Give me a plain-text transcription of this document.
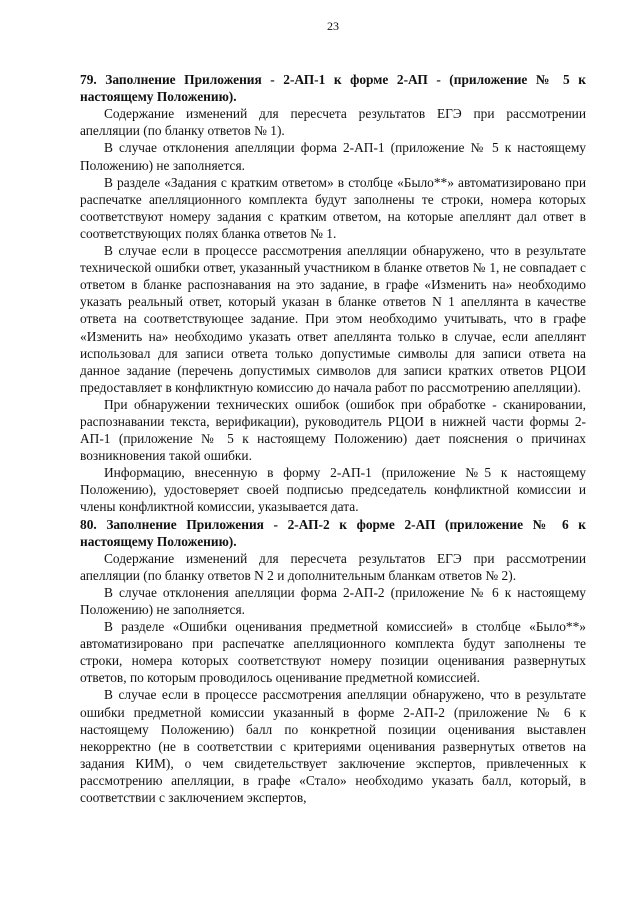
23

79. Заполнение Приложения - 2-АП-1 к форме 2-АП - (приложение № 5 к настоящему Положению).

Содержание изменений для пересчета результатов ЕГЭ при рассмотрении апелляции (по бланку ответов № 1).

В случае отклонения апелляции форма 2-АП-1 (приложение № 5 к настоящему Положению) не заполняется.

В разделе «Задания с кратким ответом» в столбце «Было**» автоматизировано при распечатке апелляционного комплекта будут заполнены те строки, номера которых соответствуют номеру задания с кратким ответом, на которые апеллянт дал ответ в соответствующих полях бланка ответов № 1.

В случае если в процессе рассмотрения апелляции обнаружено, что в результате технической ошибки ответ, указанный участником в бланке ответов № 1, не совпадает с ответом в бланке распознавания на это задание, в графе «Изменить на» необходимо указать реальный ответ, который указан в бланке ответов N 1 апеллянта в качестве ответа на соответствующее задание. При этом необходимо учитывать, что в графе «Изменить на» необходимо указать ответ апеллянта только в случае, если апеллянт использовал для записи ответа только допустимые символы для записи ответа на данное задание (перечень допустимых символов для записи кратких ответов РЦОИ предоставляет в конфликтную комиссию до начала работ по рассмотрению апелляции).

При обнаружении технических ошибок (ошибок при обработке - сканировании, распознавании текста, верификации), руководитель РЦОИ в нижней части формы 2-АП-1 (приложение № 5 к настоящему Положению) дает пояснения о причинах возникновения такой ошибки.

Информацию, внесенную в форму 2-АП-1 (приложение №5 к настоящему Положению), удостоверяет своей подписью председатель конфликтной комиссии и члены конфликтной комиссии, указывается дата.

80. Заполнение Приложения - 2-АП-2 к форме 2-АП (приложение № 6 к настоящему Положению).

Содержание изменений для пересчета результатов ЕГЭ при рассмотрении апелляции (по бланку ответов N 2 и дополнительным бланкам ответов № 2).

В случае отклонения апелляции форма 2-АП-2 (приложение № 6 к настоящему Положению) не заполняется.

В разделе «Ошибки оценивания предметной комиссией» в столбце «Было**» автоматизировано при распечатке апелляционного комплекта будут заполнены те строки, номера которых соответствуют номеру позиции оценивания развернутых ответов, по которым проводилось оценивание предметной комиссией.

В случае если в процессе рассмотрения апелляции обнаружено, что в результате ошибки предметной комиссии указанный в форме 2-АП-2 (приложение № 6 к настоящему Положению) балл по конкретной позиции оценивания выставлен некорректно (не в соответствии с критериями оценивания развернутых ответов на задания КИМ), о чем свидетельствует заключение экспертов, привлеченных к рассмотрению апелляции, в графе «Стало» необходимо указать балл, который, в соответствии с заключением экспертов,
